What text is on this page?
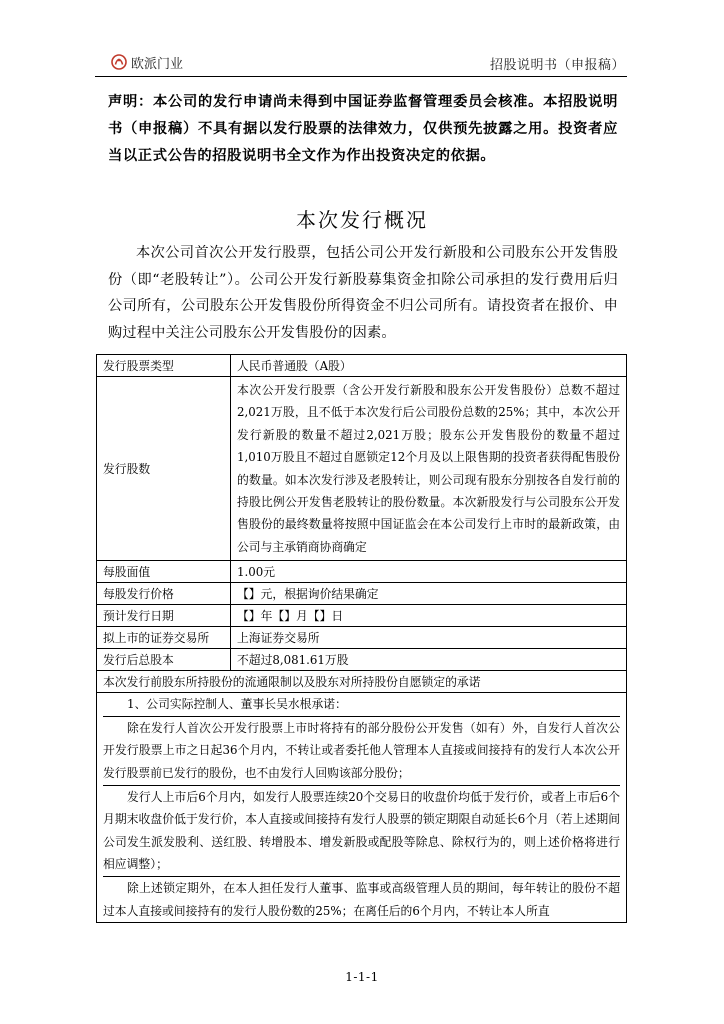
欧派门业	招股说明书（申报稿）
声明：本公司的发行申请尚未得到中国证券监督管理委员会核准。本招股说明书（申报稿）不具有据以发行股票的法律效力，仅供预先披露之用。投资者应当以正式公告的招股说明书全文作为作出投资决定的依据。
本次发行概况
本次公司首次公开发行股票，包括公司公开发行新股和公司股东公开发售股份（即“老股转让”）。公司公开发行新股募集资金扣除公司承担的发行费用后归公司所有，公司股东公开发售股份所得资金不归公司所有。请投资者在报价、申购过程中关注公司股东公开发售股份的因素。
发行股票类型	人民币普通股（A股）
发行股数	本次公开发行股票（含公开发行新股和股东公开发售股份）总数不超过2,021万股，且不低于本次发行后公司股份总数的25%；其中，本次公开发行新股的数量不超过2,021万股；股东公开发售股份的数量不超过1,010万股且不超过自愿锁定12个月及以上限售期的投资者获得配售股份的数量。如本次发行涉及老股转让，则公司现有股东分别按各自发行前的持股比例公开发售老股转让的股份数量。本次新股发行与公司股东公开发售股份的最终数量将按照中国证监会在本公司发行上市时的最新政策，由公司与主承销商协商确定
每股面值	1.00元
每股发行价格	【】元，根据询价结果确定
预计发行日期	【】年【】月【】日
拟上市的证券交易所	上海证券交易所
发行后总股本	不超过8,081.61万股
本次发行前股东所持股份的流通限制以及股东对所持股份自愿锁定的承诺	

1、公司实际控制人、董事长吴水根承诺：

除在发行人首次公开发行股票上市时将持有的部分股份公开发售（如有）外，自发行人首次公开发行股票上市之日起36个月内，不转让或者委托他人管理本人直接或间接持有的发行人本次公开发行股票前已发行的股份，也不由发行人回购该部分股份；

发行人上市后6个月内，如发行人股票连续20个交易日的收盘价均低于发行价，或者上市后6个月期末收盘价低于发行价，本人直接或间接持有发行人股票的锁定期限自动延长6个月（若上述期间公司发生派发股利、送红股、转增股本、增发新股或配股等除息、除权行为的，则上述价格将进行相应调整）；

除上述锁定期外，在本人担任发行人董事、监事或高级管理人员的期间，每年转让的股份不超过本人直接或间接持有的发行人股份数的25%；在离任后的6个月内，不转让本人所直	

1-1-1
